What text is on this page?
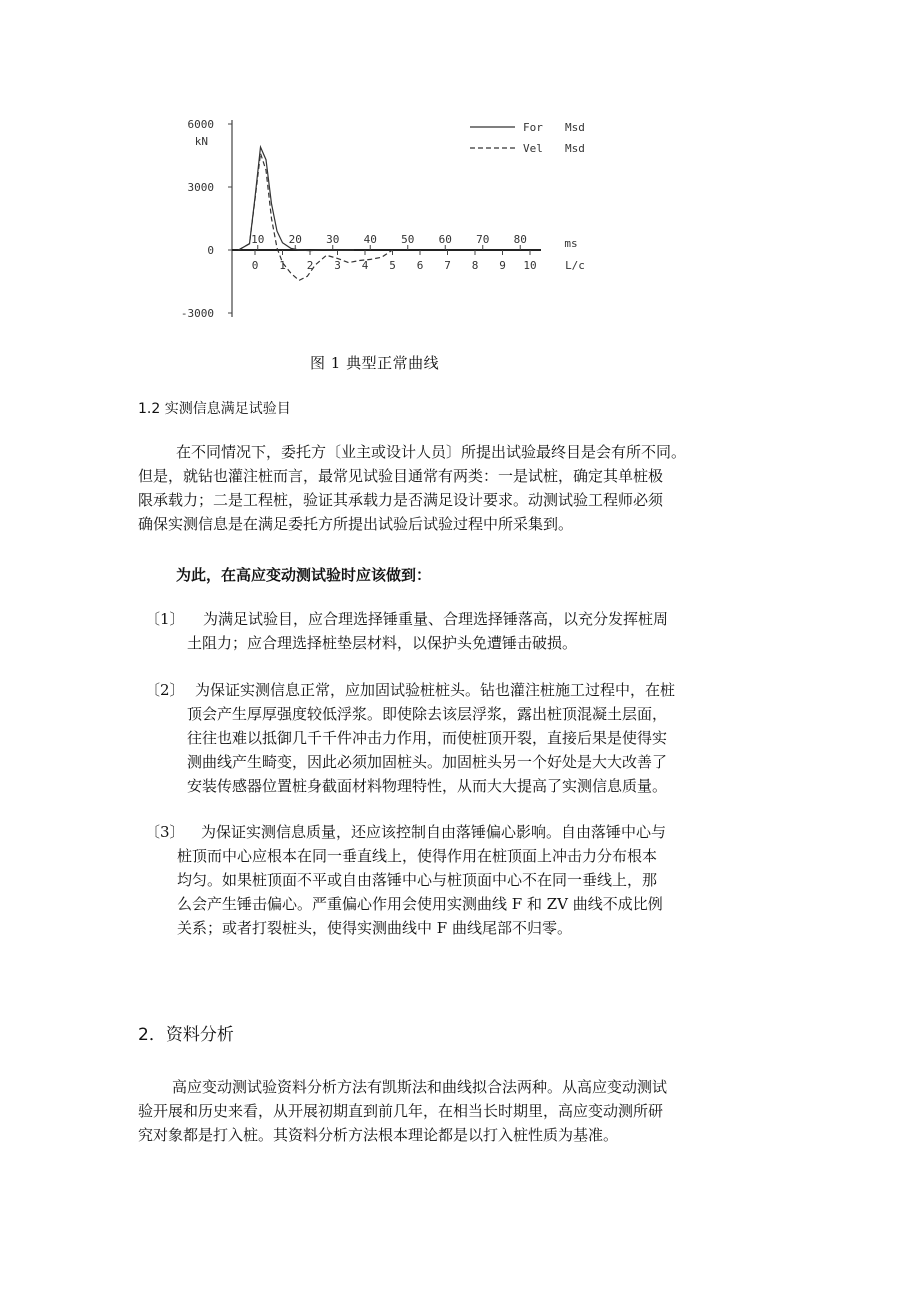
6000
3000
0
-3000
kN
10 20 30 40 50 60 70 80	ms
0 1 2 3 4 5 6 7 8 9 10	L/c
For Msd
Vel Msd
图 1 典型正常曲线
1.2 实测信息满足试验目
在不同情况下，委托方〔业主或设计人员〕所提出试验最终目是会有所不同。
但是，就钻也灌注桩而言，最常见试验目通常有两类：一是试桩，确定其单桩极
限承载力；二是工程桩，验证其承载力是否满足设计要求。动测试验工程师必须
确保实测信息是在满足委托方所提出试验后试验过程中所采集到。
为此，在高应变动测试验时应该做到：
〔1〕 为满足试验目，应合理选择锤重量、合理选择锤落高，以充分发挥桩周
土阻力；应合理选择桩垫层材料，以保护头免遭锤击破损。
〔2〕 为保证实测信息正常，应加固试验桩桩头。钻也灌注桩施工过程中，在桩
顶会产生厚厚强度较低浮浆。即使除去该层浮浆，露出桩顶混凝土层面，
往往也难以抵御几千千件冲击力作用，而使桩顶开裂，直接后果是使得实
测曲线产生畸变，因此必须加固桩头。加固桩头另一个好处是大大改善了
安装传感器位置桩身截面材料物理特性，从而大大提高了实测信息质量。
〔3〕 为保证实测信息质量，还应该控制自由落锤偏心影响。自由落锤中心与
桩顶而中心应根本在同一垂直线上，使得作用在桩顶面上冲击力分布根本
均匀。如果桩顶面不平或自由落锤中心与桩顶面中心不在同一垂线上，那
么会产生锤击偏心。严重偏心作用会使用实测曲线 F 和 ZV 曲线不成比例
关系；或者打裂桩头，使得实测曲线中 F 曲线尾部不归零。
2．资料分析
高应变动测试验资料分析方法有凯斯法和曲线拟合法两种。从高应变动测试
验开展和历史来看，从开展初期直到前几年，在相当长时期里，高应变动测所研
究对象都是打入桩。其资料分析方法根本理论都是以打入桩性质为基准。
